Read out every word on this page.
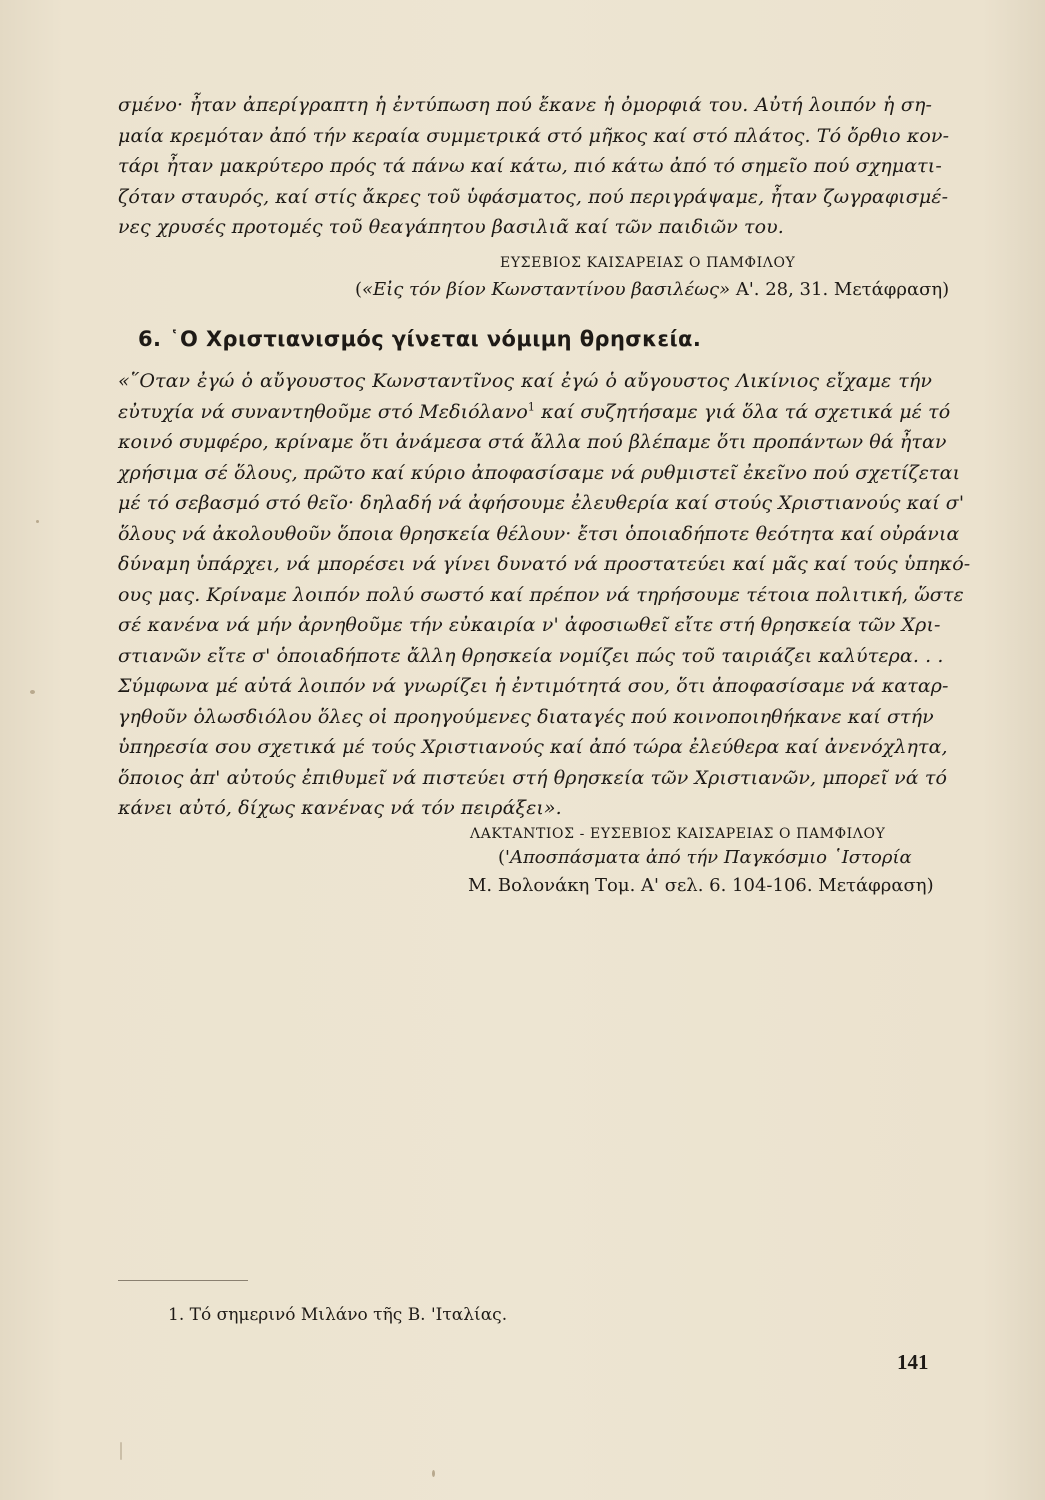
σμένο· ἦταν ἀπερίγραπτη ἡ ἐντύπωση πού ἔκανε ἡ ὀμορφιά του. Αὐτή λοιπόν ἡ ση-
μαία κρεμόταν ἀπό τήν κεραία συμμετρικά στό μῆκος καί στό πλάτος. Τό ὄρθιο κον-
τάρι ἦταν μακρύτερο πρός τά πάνω καί κάτω, πιό κάτω ἀπό τό σημεῖο πού σχηματι-
ζόταν σταυρός, καί στίς ἄκρες τοῦ ὑφάσματος, πού περιγράψαμε, ἦταν ζωγραφισμέ-
νες χρυσές προτομές τοῦ θεαγάπητου βασιλιᾶ καί τῶν παιδιῶν του.
ΕΥΣΕΒΙΟΣ ΚΑΙΣΑΡΕΙΑΣ Ο ΠΑΜΦΙΛΟΥ
(«Εἰς τόν βίον Κωνσταντίνου βασιλέως» Α'. 28, 31. Μετάφραση)
6. ῾Ο Χριστιανισμός γίνεται νόμιμη θρησκεία.
«῞Οταν ἐγώ ὁ αὔγουστος Κωνσταντῖνος καί ἐγώ ὁ αὔγουστος Λικίνιος εἴχαμε τήν
εὐτυχία νά συναντηθοῦμε στό Μεδιόλανο$^1$ καί συζητήσαμε γιά ὅλα τά σχετικά μέ τό
κοινό συμφέρο, κρίναμε ὅτι ἀνάμεσα στά ἄλλα πού βλέπαμε ὅτι προπάντων θά ἦταν
χρήσιμα σέ ὅλους, πρῶτο καί κύριο ἀποφασίσαμε νά ρυθμιστεῖ ἐκεῖνο πού σχετίζεται
μέ τό σεβασμό στό θεῖο· δηλαδή νά ἀφήσουμε ἐλευθερία καί στούς Χριστιανούς καί σ'
ὅλους νά ἀκολουθοῦν ὅποια θρησκεία θέλουν· ἔτσι ὁποιαδήποτε θεότητα καί οὐράνια
δύναμη ὑπάρχει, νά μπορέσει νά γίνει δυνατό νά προστατεύει καί μᾶς καί τούς ὑπηκό-
ους μας. Κρίναμε λοιπόν πολύ σωστό καί πρέπον νά τηρήσουμε τέτοια πολιτική, ὥστε
σέ κανένα νά μήν ἀρνηθοῦμε τήν εὐκαιρία ν' ἀφοσιωθεῖ εἴτε στή θρησκεία τῶν Χρι-
στιανῶν εἴτε σ' ὁποιαδήποτε ἄλλη θρησκεία νομίζει πώς τοῦ ταιριάζει καλύτερα. . .
Σύμφωνα μέ αὐτά λοιπόν νά γνωρίζει ἡ ἐντιμότητά σου, ὅτι ἀποφασίσαμε νά καταρ-
γηθοῦν ὁλωσδιόλου ὅλες οἱ προηγούμενες διαταγές πού κοινοποιηθήκανε καί στήν
ὑπηρεσία σου σχετικά μέ τούς Χριστιανούς καί ἀπό τώρα ἐλεύθερα καί ἀνενόχλητα,
ὅποιος ἀπ' αὐτούς ἐπιθυμεῖ νά πιστεύει στή θρησκεία τῶν Χριστιανῶν, μπορεῖ νά τό
κάνει αὐτό, δίχως κανένας νά τόν πειράξει».
ΛΑΚΤΑΝΤΙΟΣ - ΕΥΣΕΒΙΟΣ ΚΑΙΣΑΡΕΙΑΣ Ο ΠΑΜΦΙΛΟΥ
('Αποσπάσματα ἀπό τήν Παγκόσμιο ῾Ιστορία
Μ. Βολονάκη Τομ. Α' σελ. 6. 104-106. Μετάφραση)
1. Τό σημερινό Μιλάνο τῆς Β. 'Ιταλίας.
141
